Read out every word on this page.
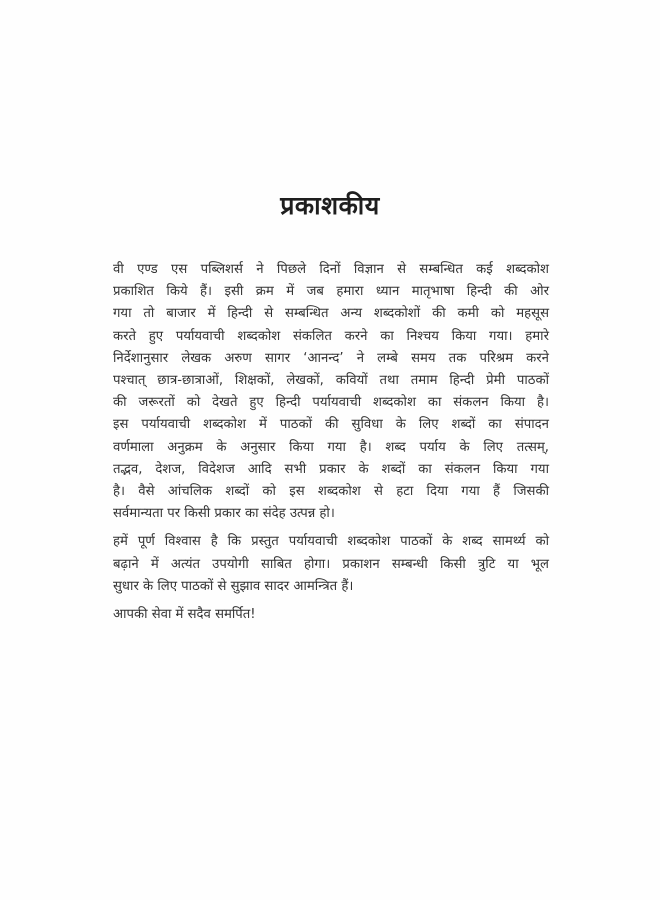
प्रकाशकीय

वी एण्ड एस पब्लिशर्स ने पिछले दिनों विज्ञान से सम्बन्धित कई शब्दकोश
प्रकाशित किये हैं। इसी क्रम में जब हमारा ध्यान मातृभाषा हिन्दी की ओर
गया तो बाजार में हिन्दी से सम्बन्धित अन्य शब्दकोशों की कमी को महसूस
करते हुए पर्यायवाची शब्दकोश संकलित करने का निश्चय किया गया। हमारे
निर्देशानुसार लेखक अरुण सागर ‘आनन्द’ ने लम्बे समय तक परिश्रम करने
पश्चात् छात्र-छात्राओं, शिक्षकों, लेखकों, कवियों तथा तमाम हिन्दी प्रेमी पाठकों
की जरूरतों को देखते हुए हिन्दी पर्यायवाची शब्दकोश का संकलन किया है।
इस पर्यायवाची शब्दकोश में पाठकों की सुविधा के लिए शब्दों का संपादन
वर्णमाला अनुक्रम के अनुसार किया गया है। शब्द पर्याय के लिए तत्सम्,
तद्भव, देशज, विदेशज आदि सभी प्रकार के शब्दों का संकलन किया गया
है। वैसे आंचलिक शब्दों को इस शब्दकोश से हटा दिया गया हैं जिसकी
सर्वमान्यता पर किसी प्रकार का संदेह उत्पन्न हो।

हमें पूर्ण विश्वास है कि प्रस्तुत पर्यायवाची शब्दकोश पाठकों के शब्द सामर्थ्य को
बढ़ाने में अत्यंत उपयोगी साबित होगा। प्रकाशन सम्बन्धी किसी त्रुटि या भूल
सुधार के लिए पाठकों से सुझाव सादर आमन्त्रित हैं।

आपकी सेवा में सदैव समर्पित!
